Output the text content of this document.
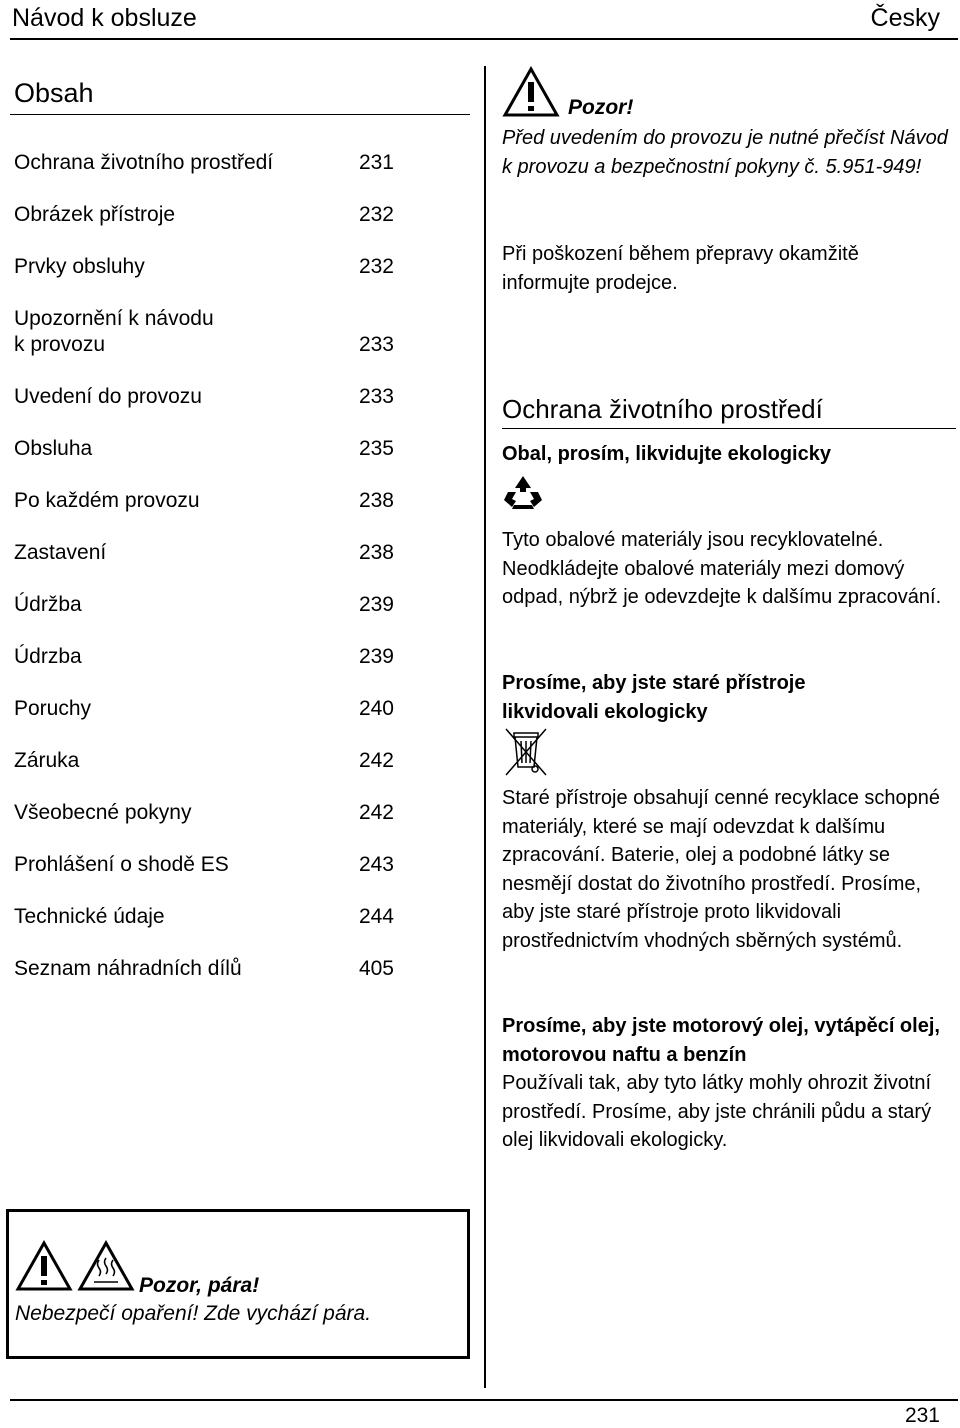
Návod k obsluze	Česky
Obsah
Ochrana životního prostředí	231
Obrázek přístroje	232
Prvky obsluhy	232
Upozornění k návodu
k provozu	233
Uvedení do provozu	233
Obsluha	235
Po každém provozu	238
Zastavení	238
Údržba	239
Údrzba	239
Poruchy	240
Záruka	242
Všeobecné pokyny	242
Prohlášení o shodě ES	243
Technické údaje	244
Seznam náhradních dílů	405
Pozor!
Před uvedením do provozu je nutné přečíst Návod k provozu a bezpečnostní pokyny č. 5.951-949!
Při poškození během přepravy okamžitě informujte prodejce.
Ochrana životního prostředí
Obal, prosím, likvidujte ekologicky
Tyto obalové materiály jsou recyklovatelné. Neodkládejte obalové materiály mezi domový odpad, nýbrž je odevzdejte k dalšímu zpracování.
Prosíme, aby jste staré přístroje likvidovali ekologicky
Staré přístroje obsahují cenné recyklace schopné materiály, které se mají odevzdat k dalšímu zpracování. Baterie, olej a podobné látky se nesmějí dostat do životního prostředí. Prosíme, aby jste staré přístroje proto likvidovali prostřednictvím vhodných sběrných systémů.
Prosíme, aby jste motorový olej, vytápěcí olej, motorovou naftu a benzín
Používali tak, aby tyto látky mohly ohrozit životní prostředí. Prosíme, aby jste chránili půdu a starý olej likvidovali ekologicky.
Pozor, pára!
Nebezpečí opaření! Zde vychází pára.
231
